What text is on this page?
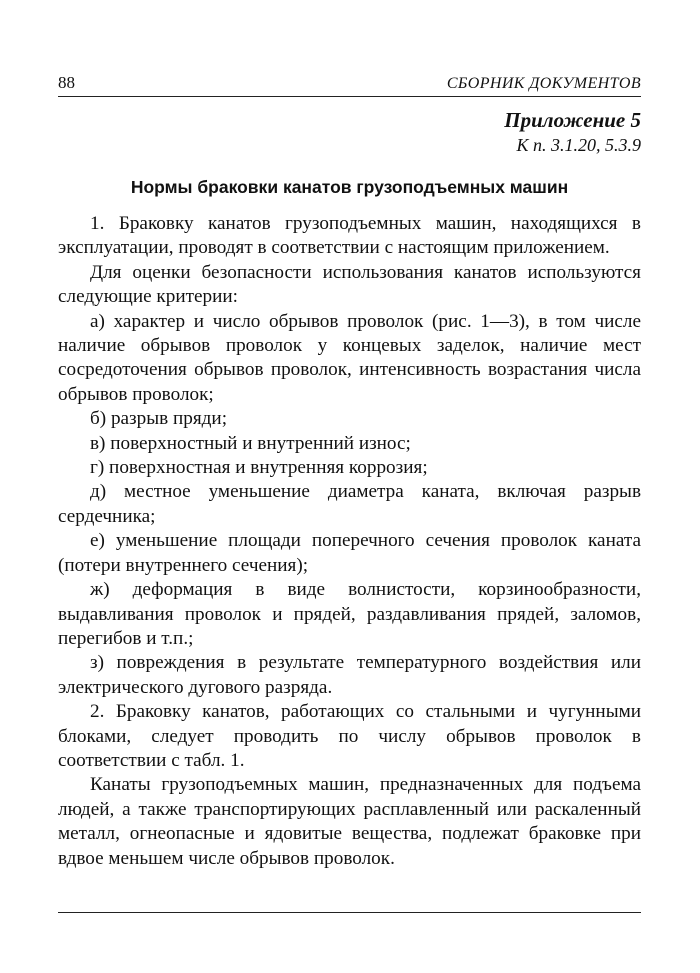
88	СБОРНИК ДОКУМЕНТОВ
Приложение 5
К п. 3.1.20, 5.3.9
Нормы браковки канатов грузоподъемных машин

1. Браковку канатов грузоподъемных машин, находящихся в эксплуатации, проводят в соответствии с настоящим приложением.

Для оценки безопасности использования канатов используются следующие критерии:

а) характер и число обрывов проволок (рис. 1—3), в том числе наличие обрывов проволок у концевых заделок, наличие мест сосредоточения обрывов проволок, интенсивность возрастания числа обрывов проволок;

б) разрыв пряди;

в) поверхностный и внутренний износ;

г) поверхностная и внутренняя коррозия;

д) местное уменьшение диаметра каната, включая разрыв сердечника;

е) уменьшение площади поперечного сечения проволок каната (потери внутреннего сечения);

ж) деформация в виде волнистости, корзинообразности, выдавливания проволок и прядей, раздавливания прядей, заломов, перегибов и т.п.;

з) повреждения в результате температурного воздействия или электрического дугового разряда.

2. Браковку канатов, работающих со стальными и чугунными блоками, следует проводить по числу обрывов проволок в соответствии с табл. 1.

Канаты грузоподъемных машин, предназначенных для подъема людей, а также транспортирующих расплавленный или раскаленный металл, огнеопасные и ядовитые вещества, подлежат браковке при вдвое меньшем числе обрывов проволок.
